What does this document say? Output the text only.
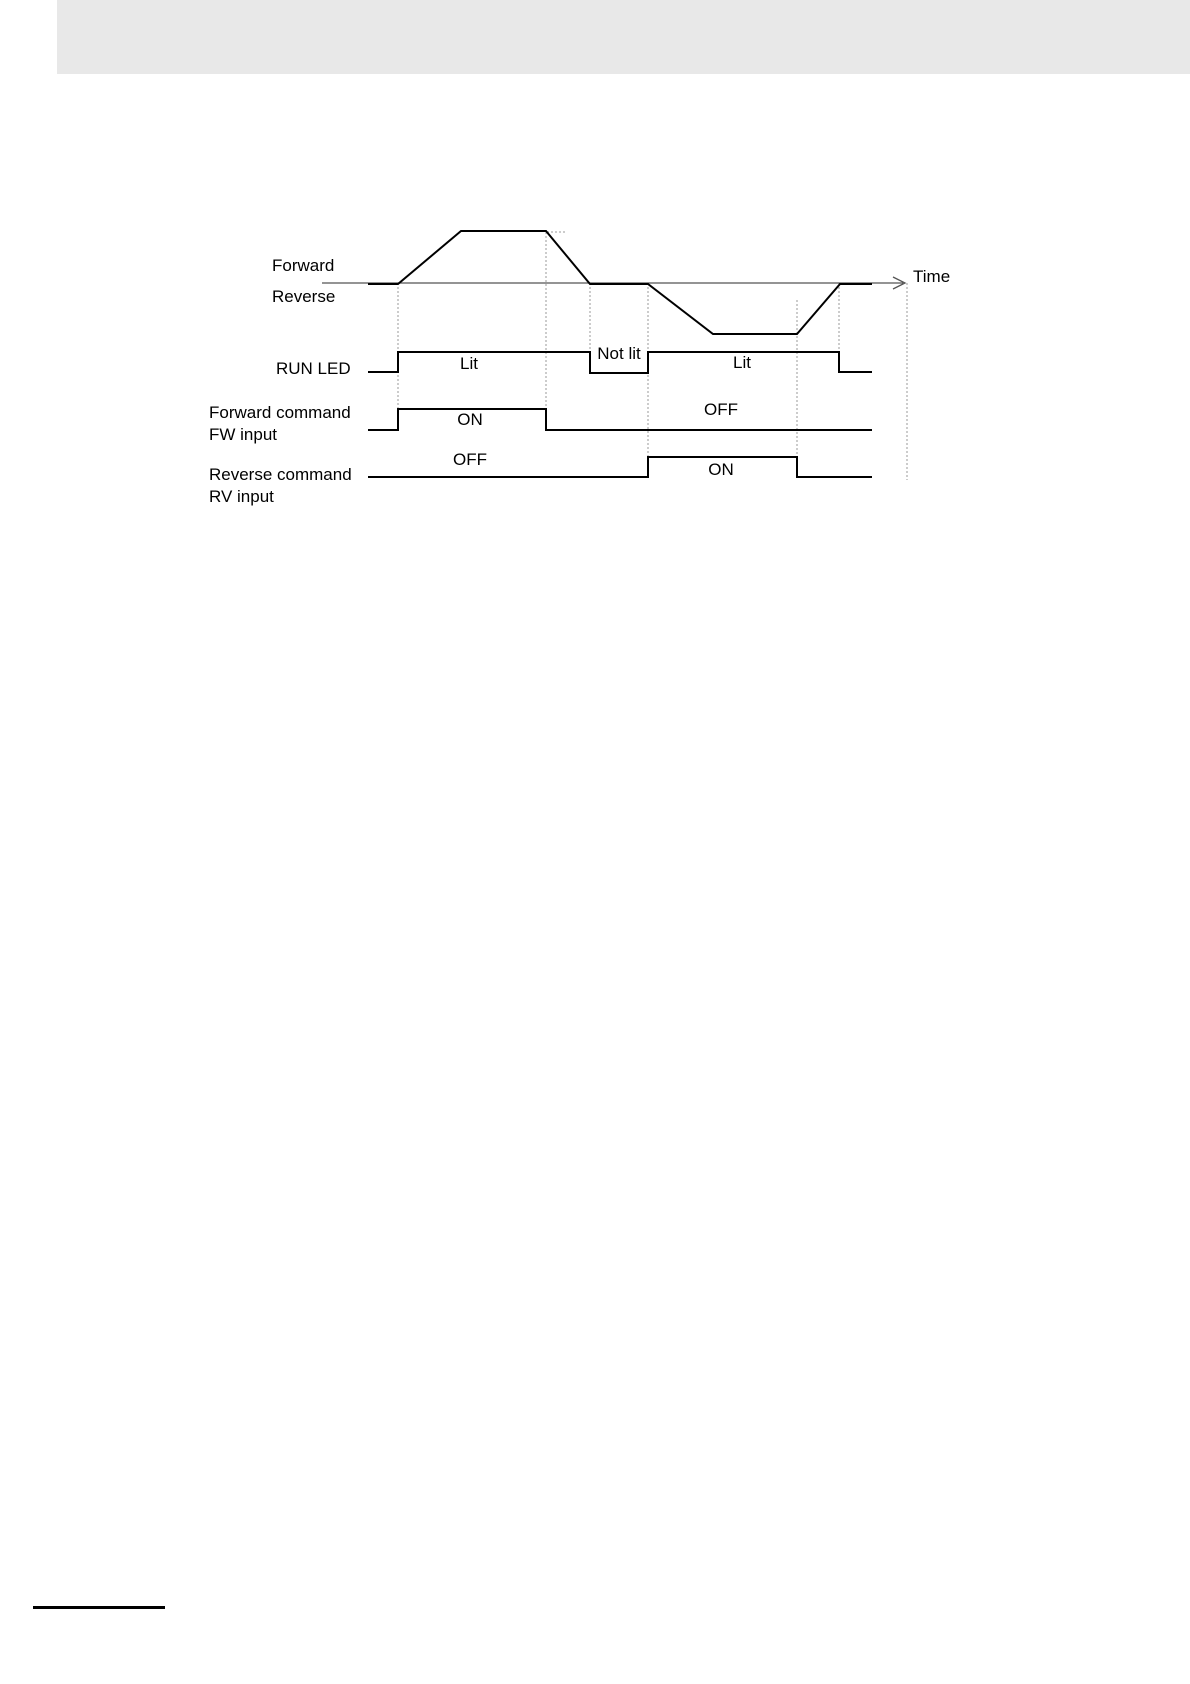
Time
Forward
Reverse
RUN LED	Lit
Not lit	Lit
Forward command
FW input
ON
OFF
Reverse command
RV input
OFF
ON
